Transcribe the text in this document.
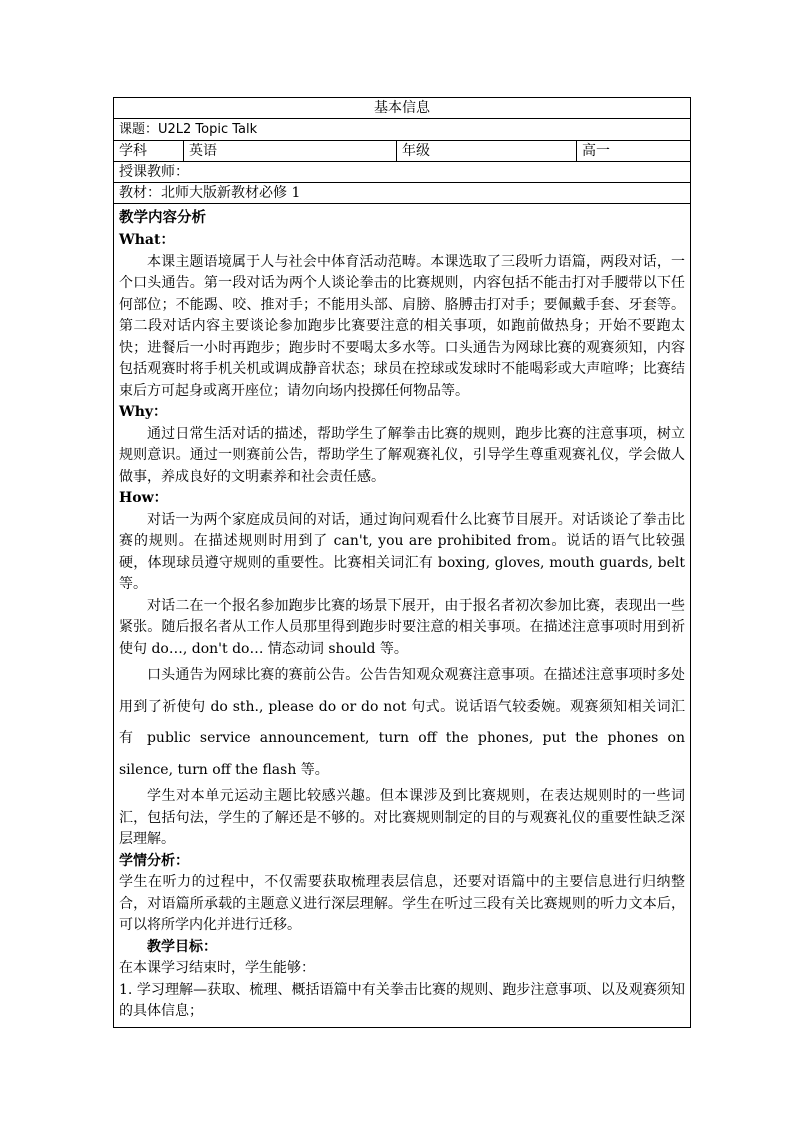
基本信息
课题：U2L2 Topic Talk
学科	英语	年级	高一
授课教师：
教材：北师大版新教材必修 1

教学内容分析

What：

本课主题语境属于人与社会中体育活动范畴。本课选取了三段听力语篇，两段对话，一个口头通告。第一段对话为两个人谈论拳击的比赛规则，内容包括不能击打对手腰带以下任何部位；不能踢、咬、推对手；不能用头部、肩膀、胳膊击打对手；要佩戴手套、牙套等。第二段对话内容主要谈论参加跑步比赛要注意的相关事项，如跑前做热身；开始不要跑太快；进餐后一小时再跑步；跑步时不要喝太多水等。口头通告为网球比赛的观赛须知，内容包括观赛时将手机关机或调成静音状态；球员在控球或发球时不能喝彩或大声喧哗；比赛结束后方可起身或离开座位；请勿向场内投掷任何物品等。

Why：

通过日常生活对话的描述，帮助学生了解拳击比赛的规则，跑步比赛的注意事项，树立规则意识。通过一则赛前公告，帮助学生了解观赛礼仪，引导学生尊重观赛礼仪，学会做人做事，养成良好的文明素养和社会责任感。

How：

对话一为两个家庭成员间的对话，通过询问观看什么比赛节目展开。对话谈论了拳击比赛的规则。在描述规则时用到了 can't, you are prohibited from。说话的语气比较强硬，体现球员遵守规则的重要性。比赛相关词汇有 boxing, gloves, mouth guards, belt 等。

对话二在一个报名参加跑步比赛的场景下展开，由于报名者初次参加比赛，表现出一些紧张。随后报名者从工作人员那里得到跑步时要注意的相关事项。在描述注意事项时用到祈使句 do…, don't do… 情态动词 should 等。

口头通告为网球比赛的赛前公告。公告告知观众观赛注意事项。在描述注意事项时多处用到了祈使句 do sth., please do or do not 句式。说话语气较委婉。观赛须知相关词汇有 public service announcement, turn off the phones, put the phones on silence, turn off the flash 等。

学生对本单元运动主题比较感兴趣。但本课涉及到比赛规则，在表达规则时的一些词汇，包括句法，学生的了解还是不够的。对比赛规则制定的目的与观赛礼仪的重要性缺乏深层理解。

学情分析：

学生在听力的过程中，不仅需要获取梳理表层信息，还要对语篇中的主要信息进行归纳整合，对语篇所承载的主题意义进行深层理解。学生在听过三段有关比赛规则的听力文本后，可以将所学内化并进行迁移。

教学目标：

在本课学习结束时，学生能够：

1. 学习理解—获取、梳理、概括语篇中有关拳击比赛的规则、跑步注意事项、以及观赛须知的具体信息；
